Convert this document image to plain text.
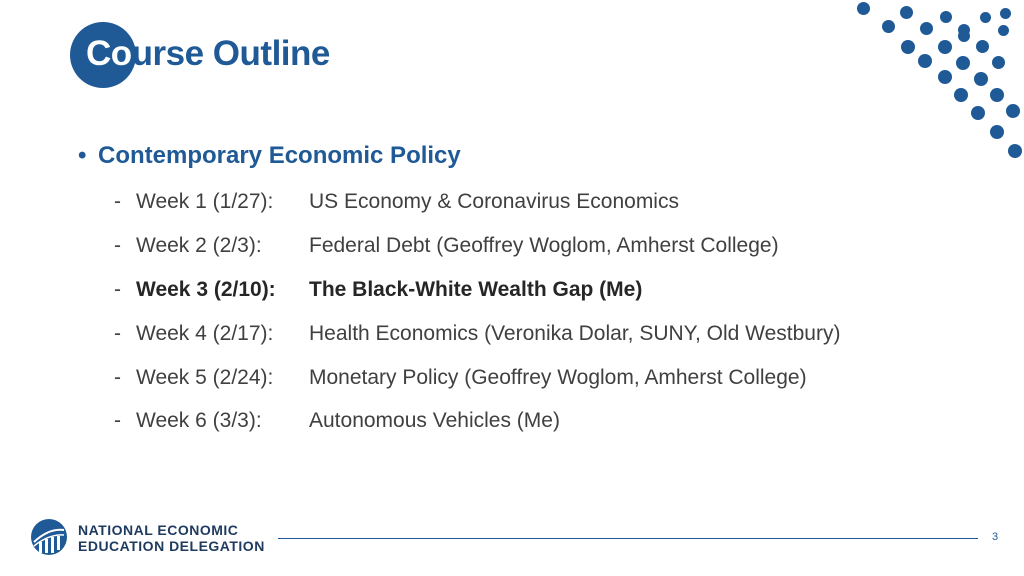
Course Outline
• Contemporary Economic Policy
- Week 1 (1/27): US Economy & Coronavirus Economics
- Week 2 (2/3): Federal Debt (Geoffrey Woglom, Amherst College)
- Week 3 (2/10): The Black-White Wealth Gap (Me)
- Week 4 (2/17): Health Economics (Veronika Dolar, SUNY, Old Westbury)
- Week 5 (2/24): Monetary Policy (Geoffrey Woglom, Amherst College)
- Week 6 (3/3): Autonomous Vehicles (Me)
NATIONAL ECONOMIC
EDUCATION DELEGATION
3
